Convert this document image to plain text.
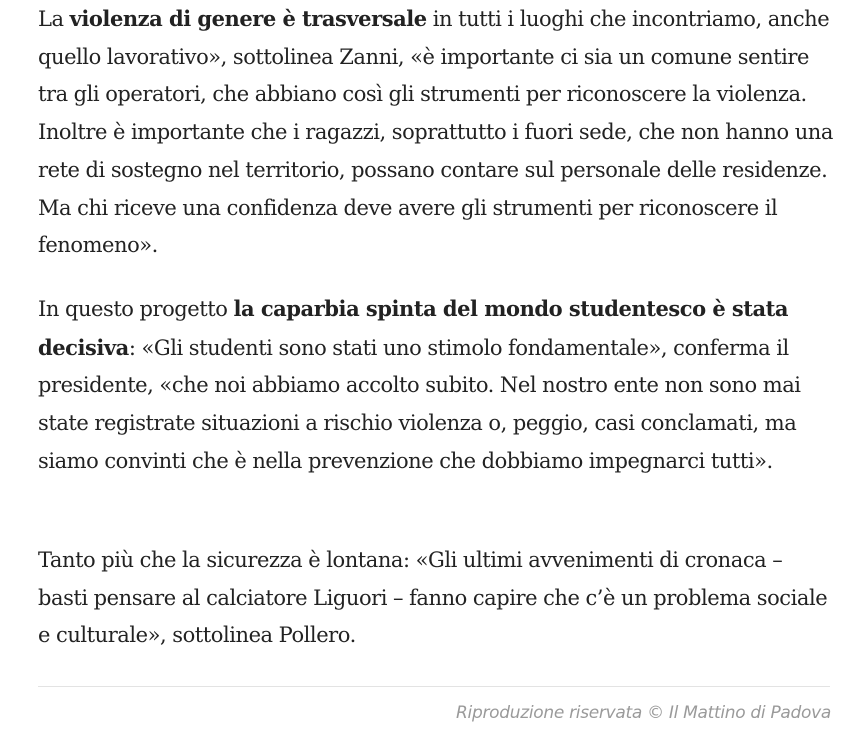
La violenza di genere è trasversale in tutti i luoghi che incontriamo, anche quello lavorativo», sottolinea Zanni, «è importante ci sia un comune sentire tra gli operatori, che abbiano così gli strumenti per riconoscere la violenza. Inoltre è importante che i ragazzi, soprattutto i fuori sede, che non hanno una rete di sostegno nel territorio, possano contare sul personale delle residenze. Ma chi riceve una confidenza deve avere gli strumenti per riconoscere il fenomeno».

In questo progetto la caparbia spinta del mondo studentesco è stata decisiva: «Gli studenti sono stati uno stimolo fondamentale», conferma il presidente, «che noi abbiamo accolto subito. Nel nostro ente non sono mai state registrate situazioni a rischio violenza o, peggio, casi conclamati, ma siamo convinti che è nella prevenzione che dobbiamo impegnarci tutti».

Tanto più che la sicurezza è lontana: «Gli ultimi avvenimenti di cronaca – basti pensare al calciatore Liguori – fanno capire che c’è un problema sociale e culturale», sottolinea Pollero.

Riproduzione riservata © Il Mattino di Padova
